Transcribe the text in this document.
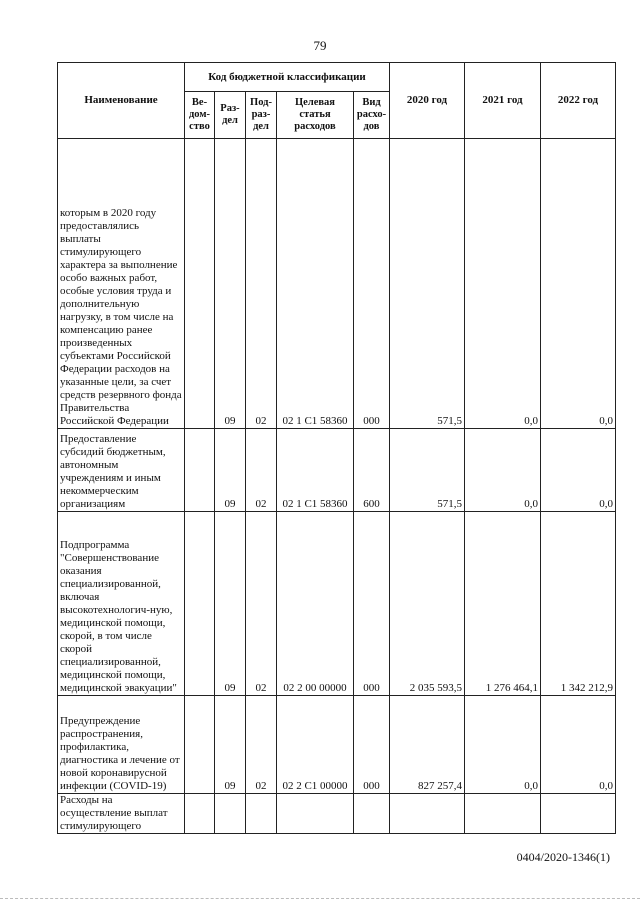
79
Наименование	Код бюджетной классификации					2020 год	2021 год	2022 год
	Ве-дом-ство	Раз-дел	Под-раз-дел	Целевая статья расходов	Вид расхо-дов			
которым в 2020 году предоставлялись выплаты стимулирующего характера за выполнение особо важных работ, особые условия труда и дополнительную нагрузку, в том числе на компенсацию ранее произведенных субъектами Российской Федерации расходов на указанные цели, за счет средств резервного фонда Правительства Российской Федерации		09	02	02 1 C1 58360	000	571,5	0,0	0,0
Предоставление субсидий бюджетным, автономным учреждениям и иным некоммерческим организациям		09	02	02 1 C1 58360	600	571,5	0,0	0,0
Подпрограмма "Совершенствование оказания специализированной, включая высокотехнологич-ную, медицинской помощи, скорой, в том числе скорой специализированной, медицинской помощи, медицинской эвакуации"		09	02	02 2 00 00000	000	2 035 593,5	1 276 464,1	1 342 212,9
Предупреждение распространения, профилактика, диагностика и лечение от новой коронавирусной инфекции (COVID-19)		09	02	02 2 C1 00000	000	827 257,4	0,0	0,0
Расходы на осуществление выплат стимулирующего								
0404/2020-1346(1)
